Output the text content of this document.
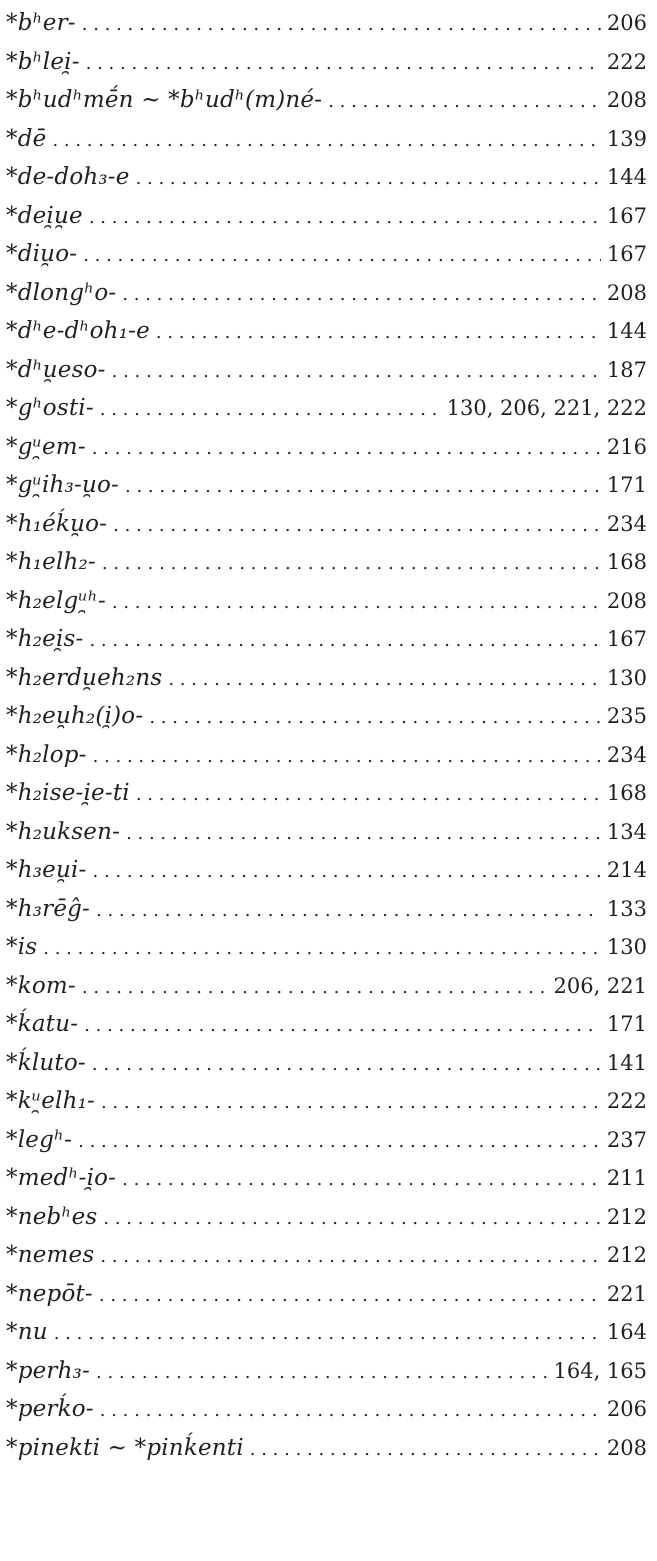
*bʰer- . . .	206
*bʰlei̯- . . .	222
*bʰudʰmḗn ~ *bʰudʰ(m)né- . . .	208
*dē . . .	139
*de-doh₃-e . . .	144
*dei̯u̯e . . .	167
*diu̯o- . . .	167
*dlongʰo- . . .	208
*dʰe-dʰoh₁-e . . .	144
*dʰu̯eso- . . .	187
*gʰosti- . . .	130, 206, 221, 222
*gᵘ̯em- . . .	216
*gᵘ̯ih₃-u̯o- . . .	171
*h₁éḱu̯o- . . .	234
*h₁elh₂- . . .	168
*h₂elgᵘ̯ʰ- . . .	208
*h₂ei̯s- . . .	167
*h₂erdu̯eh₂ns . . .	130
*h₂eu̯h₂(i̯)o- . . .	235
*h₂lop- . . .	234
*h₂ise-i̯e-ti . . .	168
*h₂uksen- . . .	134
*h₃eu̯i- . . .	214
*h₃rēĝ- . . .	133
*is . . .	130
*kom- . . .	206, 221
*ḱatu- . . .	171
*ḱluto- . . .	141
*kᵘ̯elh₁- . . .	222
*legʰ- . . .	237
*medʰ-i̯o- . . .	211
*nebʰes . . .	212
*nemes . . .	212
*nepōt- . . .	221
*nu . . .	164
*perh₃- . . .	164, 165
*perḱo- . . .	206
*pinekti ~ *pinḱenti . . .	208
